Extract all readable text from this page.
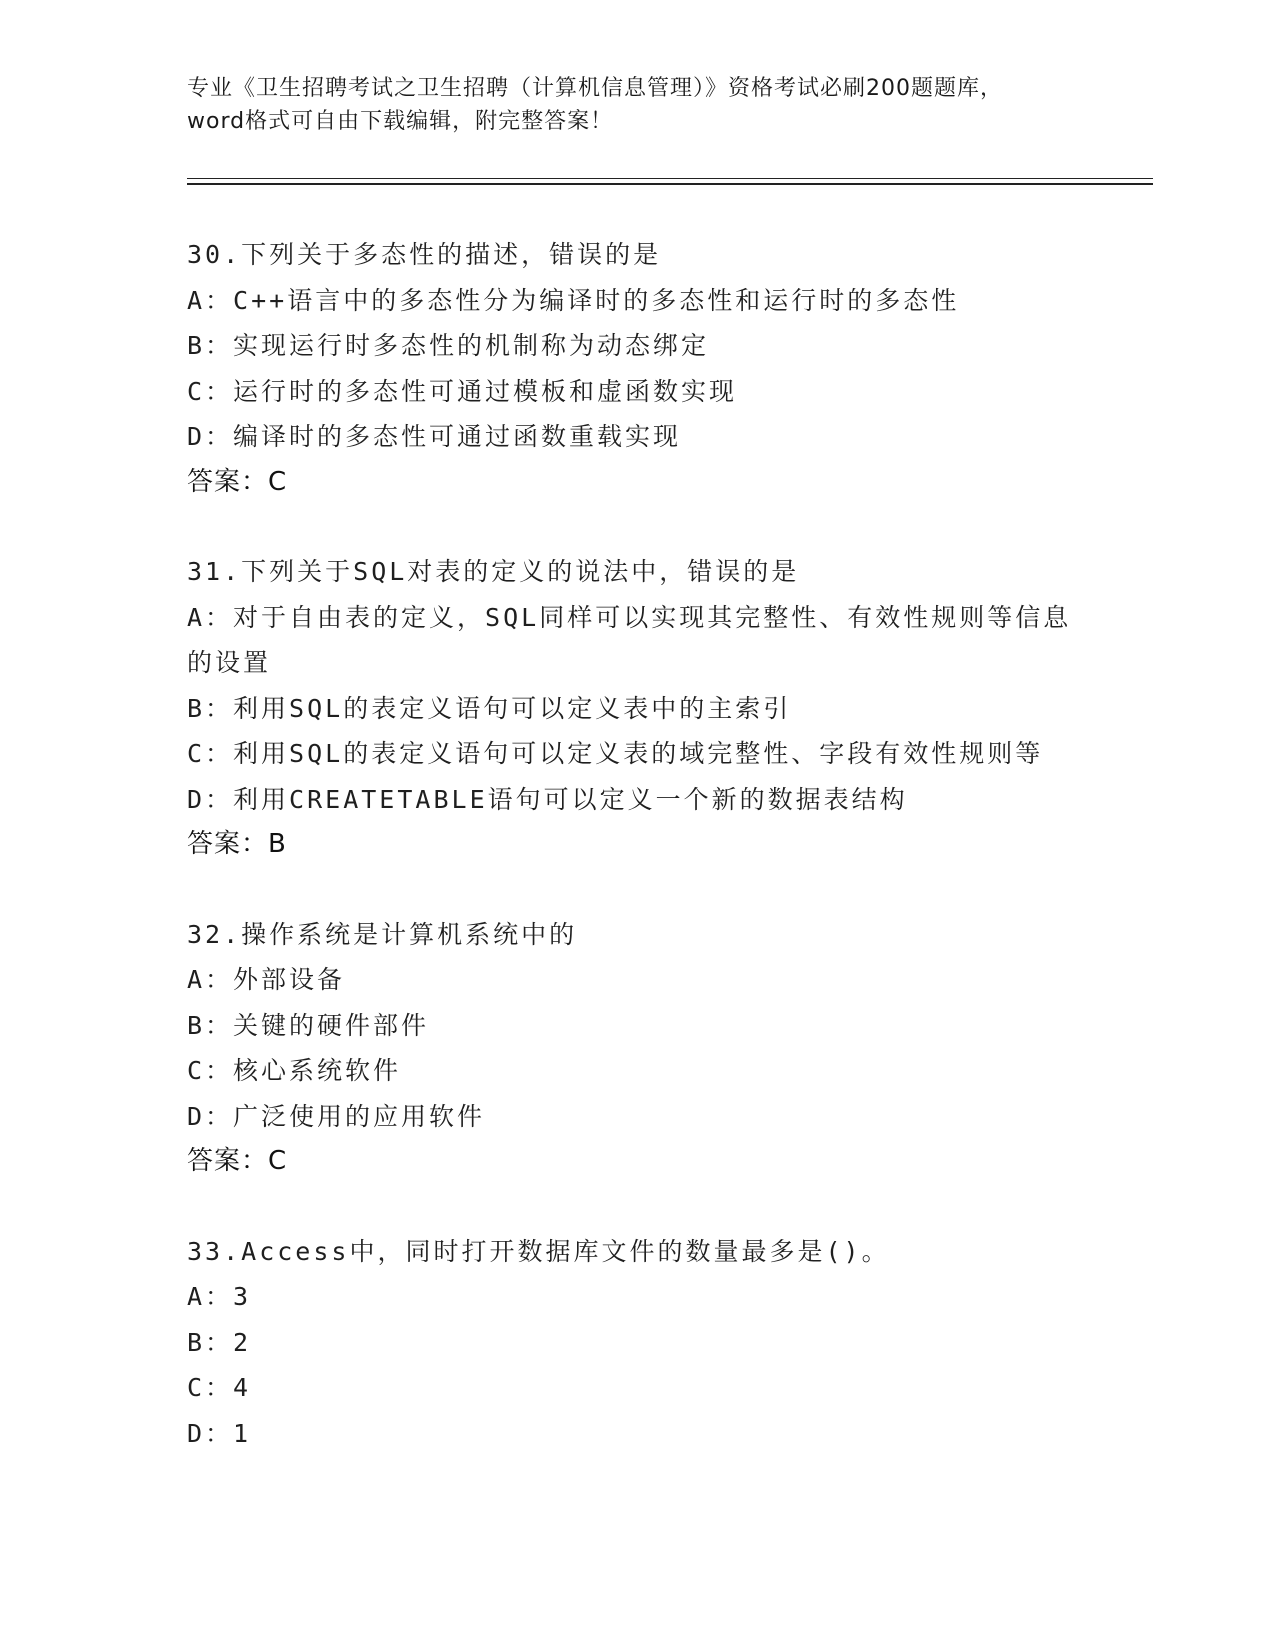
专业《卫生招聘考试之卫生招聘（计算机信息管理）》资格考试必刷200题题库，
word格式可自由下载编辑，附完整答案！
30.下列关于多态性的描述，错误的是
A：C++语言中的多态性分为编译时的多态性和运行时的多态性
B：实现运行时多态性的机制称为动态绑定
C：运行时的多态性可通过模板和虚函数实现
D：编译时的多态性可通过函数重载实现
答案：C
31.下列关于SQL对表的定义的说法中，错误的是
A：对于自由表的定义，SQL同样可以实现其完整性、有效性规则等信息的设置
B：利用SQL的表定义语句可以定义表中的主索引
C：利用SQL的表定义语句可以定义表的域完整性、字段有效性规则等
D：利用CREATETABLE语句可以定义一个新的数据表结构
答案：B
32.操作系统是计算机系统中的
A：外部设备
B：关键的硬件部件
C：核心系统软件
D：广泛使用的应用软件
答案：C
33.Access中，同时打开数据库文件的数量最多是()。
A：3
B：2
C：4
D：1
